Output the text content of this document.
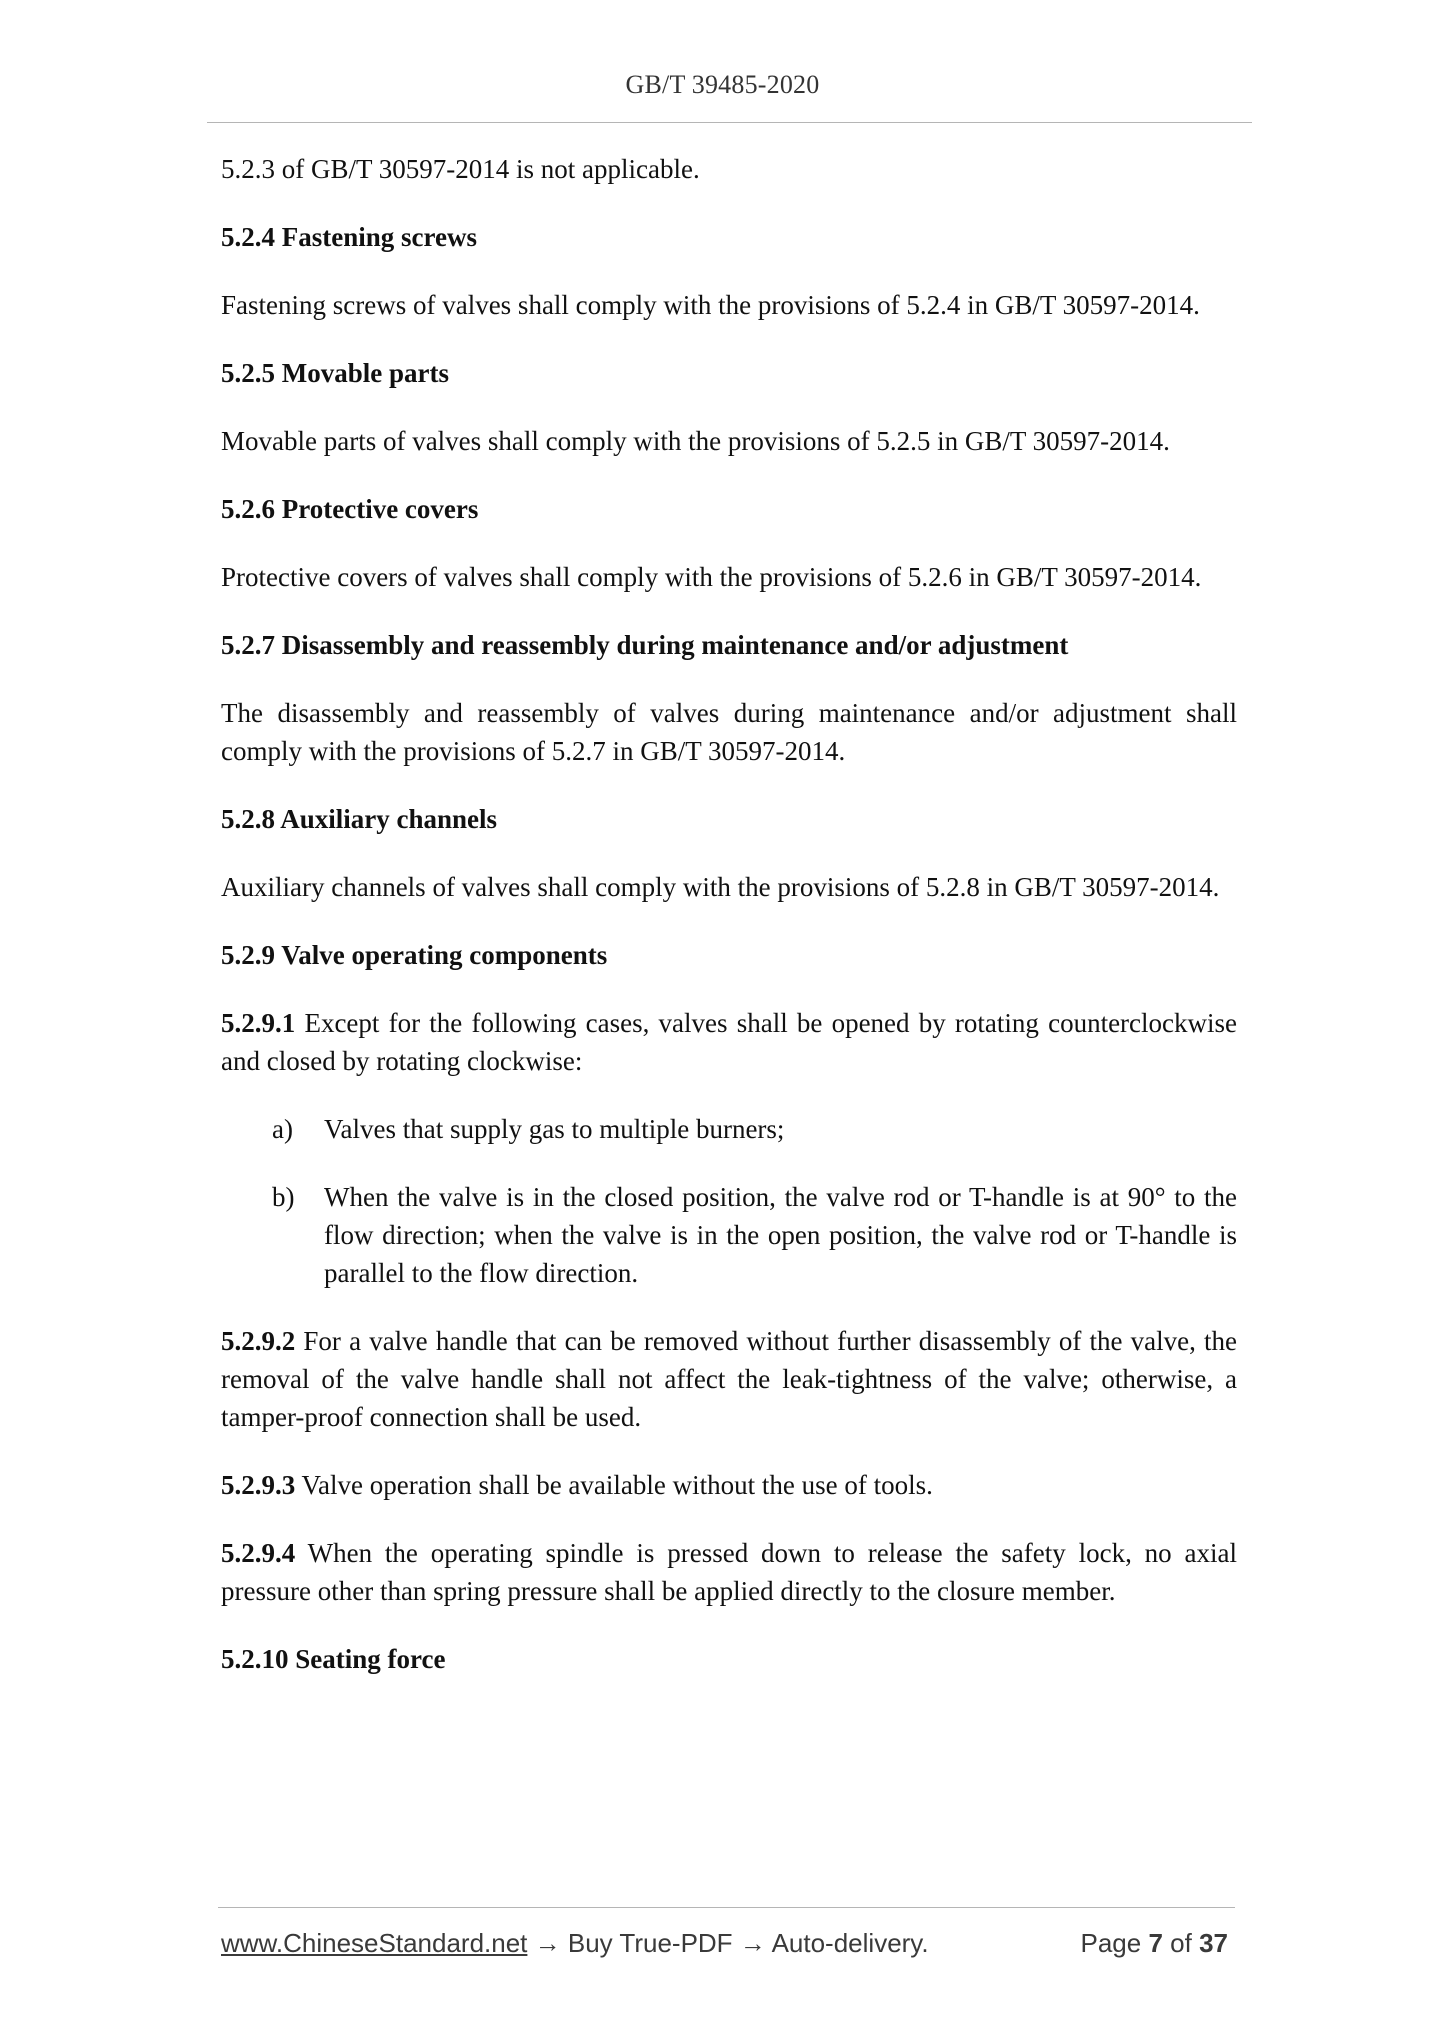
GB/T 39485-2020

5.2.3 of GB/T 30597-2014 is not applicable.

5.2.4 Fastening screws

Fastening screws of valves shall comply with the provisions of 5.2.4 in GB/T 30597-2014.

5.2.5 Movable parts

Movable parts of valves shall comply with the provisions of 5.2.5 in GB/T 30597-2014.

5.2.6 Protective covers

Protective covers of valves shall comply with the provisions of 5.2.6 in GB/T 30597-2014.

5.2.7 Disassembly and reassembly during maintenance and/or adjustment

The disassembly and reassembly of valves during maintenance and/or adjustment shall comply with the provisions of 5.2.7 in GB/T 30597-2014.

5.2.8 Auxiliary channels

Auxiliary channels of valves shall comply with the provisions of 5.2.8 in GB/T 30597-2014.

5.2.9 Valve operating components

5.2.9.1 Except for the following cases, valves shall be opened by rotating counterclockwise and closed by rotating clockwise:

a) Valves that supply gas to multiple burners;

b) When the valve is in the closed position, the valve rod or T-handle is at 90° to the flow direction; when the valve is in the open position, the valve rod or T-handle is parallel to the flow direction.

5.2.9.2 For a valve handle that can be removed without further disassembly of the valve, the removal of the valve handle shall not affect the leak-tightness of the valve; otherwise, a tamper-proof connection shall be used.

5.2.9.3 Valve operation shall be available without the use of tools.

5.2.9.4 When the operating spindle is pressed down to release the safety lock, no axial pressure other than spring pressure shall be applied directly to the closure member.

5.2.10 Seating force

www.ChineseStandard.net → Buy True-PDF → Auto-delivery.	Page 7 of 37
